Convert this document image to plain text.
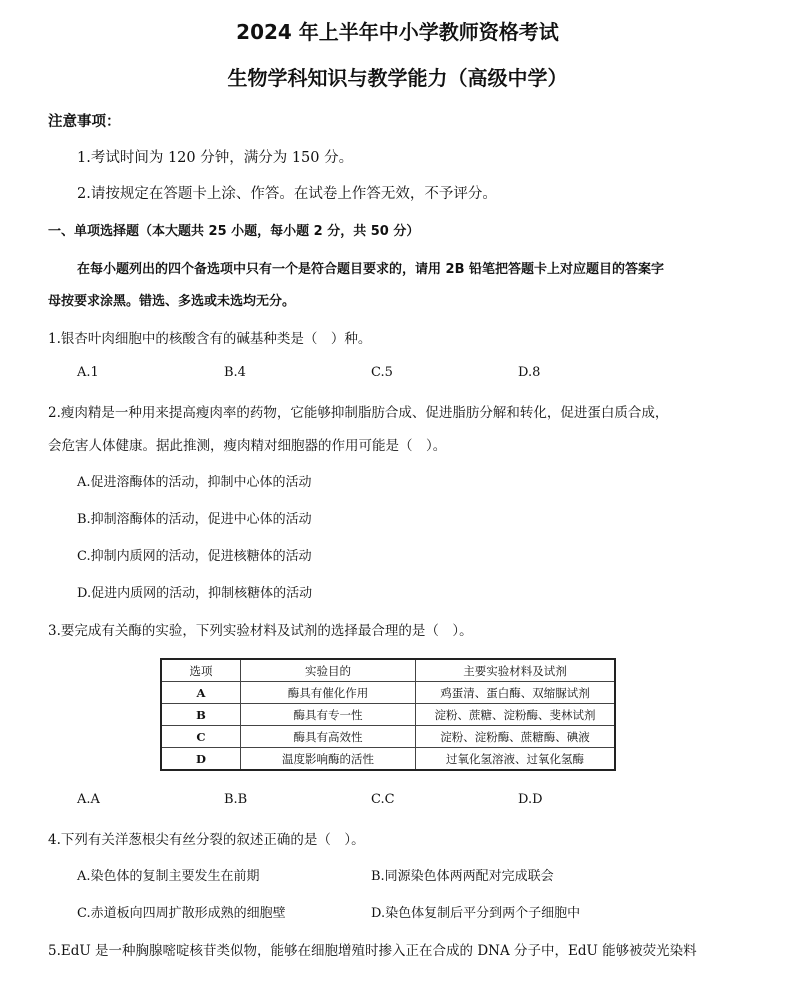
2024 年上半年中小学教师资格考试
生物学科知识与教学能力（高级中学）
注意事项：
1.考试时间为 120 分钟，满分为 150 分。
2.请按规定在答题卡上涂、作答。在试卷上作答无效，不予评分。
一、单项选择题（本大题共 25 小题，每小题 2 分，共 50 分）
在每小题列出的四个备选项中只有一个是符合题目要求的，请用 2B 铅笔把答题卡上对应题目的答案字
母按要求涂黑。错选、多选或未选均无分。
1.银杏叶肉细胞中的核酸含有的碱基种类是（　）种。
A.1	B.4	C.5	D.8
2.瘦肉精是一种用来提高瘦肉率的药物，它能够抑制脂肪合成、促进脂肪分解和转化，促进蛋白质合成，
会危害人体健康。据此推测，瘦肉精对细胞器的作用可能是（　）。
A.促进溶酶体的活动，抑制中心体的活动
B.抑制溶酶体的活动，促进中心体的活动
C.抑制内质网的活动，促进核糖体的活动
D.促进内质网的活动，抑制核糖体的活动
3.要完成有关酶的实验，下列实验材料及试剂的选择最合理的是（　）。
选项	实验目的	主要实验材料及试剂
A	酶具有催化作用	鸡蛋清、蛋白酶、双缩脲试剂
B	酶具有专一性	淀粉、蔗糖、淀粉酶、斐林试剂
C	酶具有高效性	淀粉、淀粉酶、蔗糖酶、碘液
D	温度影响酶的活性	过氧化氢溶液、过氧化氢酶
A.A	B.B	C.C	D.D
4.下列有关洋葱根尖有丝分裂的叙述正确的是（　）。
A.染色体的复制主要发生在前期	B.同源染色体两两配对完成联会
C.赤道板向四周扩散形成熟的细胞壁	D.染色体复制后平分到两个子细胞中
5.EdU 是一种胸腺嘧啶核苷类似物，能够在细胞增殖时掺入正在合成的 DNA 分子中，EdU 能够被荧光染料
